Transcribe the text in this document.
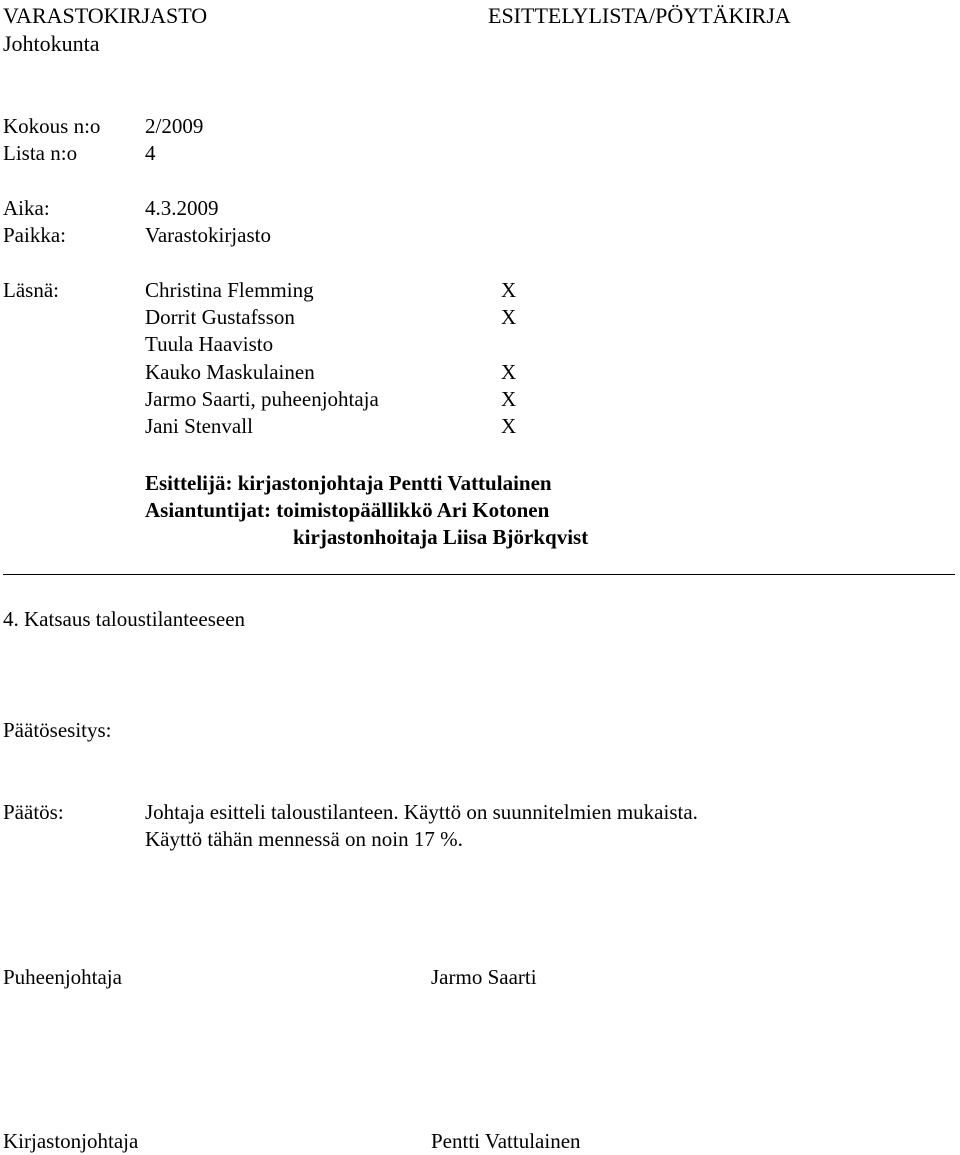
VARASTOKIRJASTO
Johtokunta
ESITTELYLISTA/PÖYTÄKIRJA
Kokous n:o 2/2009
Lista n:o	4
Aika:	4.3.2009
Paikka:	Varastokirjasto
Läsnä:	Christina Flemming	X
Dorrit Gustafsson	X
Tuula Haavisto
Kauko Maskulainen	X
Jarmo Saarti, puheenjohtaja	X
Jani Stenvall	X
Esittelijä: kirjastonjohtaja Pentti Vattulainen
Asiantuntijat: toimistopäällikkö Ari Kotonen
kirjastonhoitaja Liisa Björkqvist
4. Katsaus taloustilanteeseen
Päätösesitys:
Päätös:	Johtaja esitteli taloustilanteen. Käyttö on suunnitelmien mukaista.
Käyttö tähän mennessä on noin 17 %.
Puheenjohtaja	Jarmo Saarti
Kirjastonjohtaja	Pentti Vattulainen
